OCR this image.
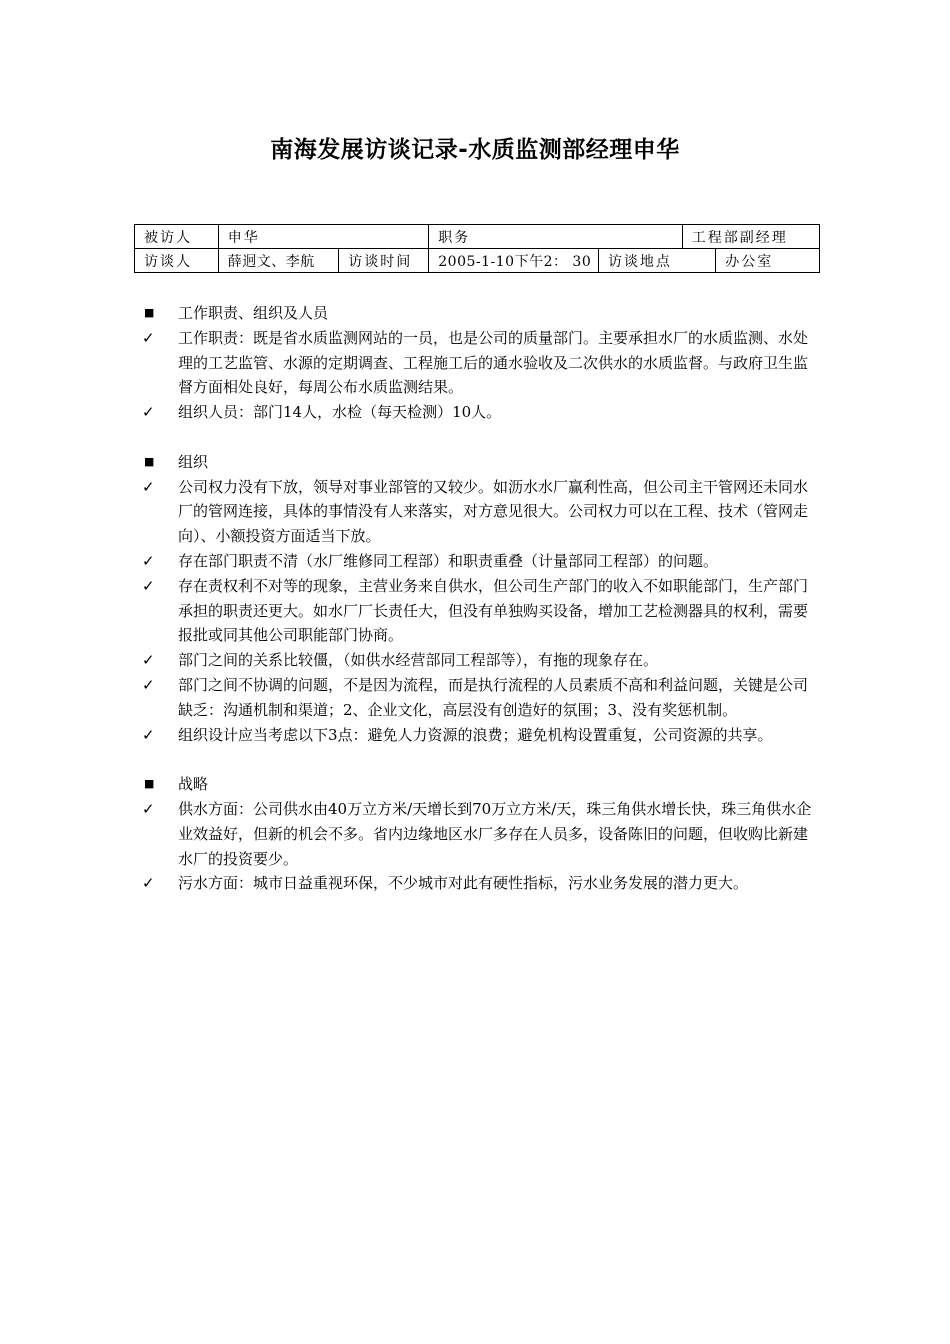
南海发展访谈记录-水质监测部经理申华
被访人	申华		职务		工程部副经理	
访谈人	薛迥文、李航	访谈时间	2005-1-10下午2： 30	访谈地点		办公室
■	工作职责、组织及人员
✓	工作职责：既是省水质监测网站的一员，也是公司的质量部门。主要承担水厂的水质监测、水处理的工艺监管、水源的定期调查、工程施工后的通水验收及二次供水的水质监督。与政府卫生监督方面相处良好，每周公布水质监测结果。
✓	组织人员：部门14人，水检（每天检测）10人。
■	组织
✓	公司权力没有下放，领导对事业部管的又较少。如沥水水厂赢利性高，但公司主干管网还未同水厂的管网连接，具体的事情没有人来落实，对方意见很大。公司权力可以在工程、技术（管网走向）、小额投资方面适当下放。
✓	存在部门职责不清（水厂维修同工程部）和职责重叠（计量部同工程部）的问题。
✓	存在责权利不对等的现象，主营业务来自供水，但公司生产部门的收入不如职能部门，生产部门承担的职责还更大。如水厂厂长责任大，但没有单独购买设备，增加工艺检测器具的权利，需要报批或同其他公司职能部门协商。
✓	部门之间的关系比较僵，（如供水经营部同工程部等），有拖的现象存在。
✓	部门之间不协调的问题，不是因为流程，而是执行流程的人员素质不高和利益问题，关键是公司缺乏：沟通机制和渠道；2、企业文化，高层没有创造好的氛围；3、没有奖惩机制。
✓	组织设计应当考虑以下3点：避免人力资源的浪费；避免机构设置重复，公司资源的共享。
■	战略
✓	供水方面：公司供水由40万立方米/天增长到70万立方米/天，珠三角供水增长快，珠三角供水企业效益好，但新的机会不多。省内边缘地区水厂多存在人员多，设备陈旧的问题，但收购比新建水厂的投资要少。
✓	污水方面：城市日益重视环保，不少城市对此有硬性指标，污水业务发展的潜力更大。
